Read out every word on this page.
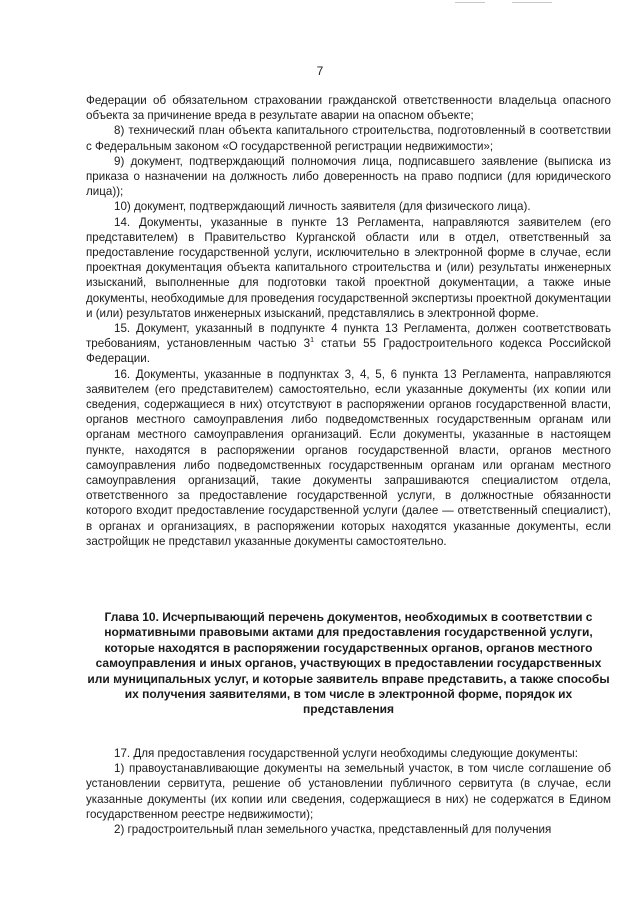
7

Федерации об обязательном страховании гражданской ответственности владельца опасного объекта за причинение вреда в результате аварии на опасном объекте;

8) технический план объекта капитального строительства, подготовленный в соответствии с Федеральным законом «О государственной регистрации недвижимости»;

9) документ, подтверждающий полномочия лица, подписавшего заявление (выписка из приказа о назначении на должность либо доверенность на право подписи (для юридического лица));

10) документ, подтверждающий личность заявителя (для физического лица).

14. Документы, указанные в пункте 13 Регламента, направляются заявителем (его представителем) в Правительство Курганской области или в отдел, ответственный за предоставление государственной услуги, исключительно в электронной форме в случае, если проектная документация объекта капитального строительства и (или) результаты инженерных изысканий, выполненные для подготовки такой проектной документации, а также иные документы, необходимые для проведения государственной экспертизы проектной документации и (или) результатов инженерных изысканий, представлялись в электронной форме.

15. Документ, указанный в подпункте 4 пункта 13 Регламента, должен соответствовать требованиям, установленным частью $3^1$ статьи 55 Градостроительного кодекса Российской Федерации.

16. Документы, указанные в подпунктах 3, 4, 5, 6 пункта 13 Регламента, направляются заявителем (его представителем) самостоятельно, если указанные документы (их копии или сведения, содержащиеся в них) отсутствуют в распоряжении органов государственной власти, органов местного самоуправления либо подведомственных государственным органам или органам местного самоуправления организаций. Если документы, указанные в настоящем пункте, находятся в распоряжении органов государственной власти, органов местного самоуправления либо подведомственных государственным органам или органам местного самоуправления организаций, такие документы запрашиваются специалистом отдела, ответственного за предоставление государственной услуги, в должностные обязанности которого входит предоставление государственной услуги (далее — ответственный специалист), в органах и организациях, в распоряжении которых находятся указанные документы, если застройщик не представил указанные документы самостоятельно.

Глава 10. Исчерпывающий перечень документов, необходимых в соответствии с нормативными правовыми актами для предоставления государственной услуги, которые находятся в распоряжении государственных органов, органов местного самоуправления и иных органов, участвующих в предоставлении государственных или муниципальных услуг, и которые заявитель вправе представить, а также способы их получения заявителями, в том числе в электронной форме, порядок их представления

17. Для предоставления государственной услуги необходимы следующие документы:

1) правоустанавливающие документы на земельный участок, в том числе соглашение об установлении сервитута, решение об установлении публичного сервитута (в случае, если указанные документы (их копии или сведения, содержащиеся в них) не содержатся в Едином государственном реестре недвижимости);

2) градостроительный план земельного участка, представленный для получения
